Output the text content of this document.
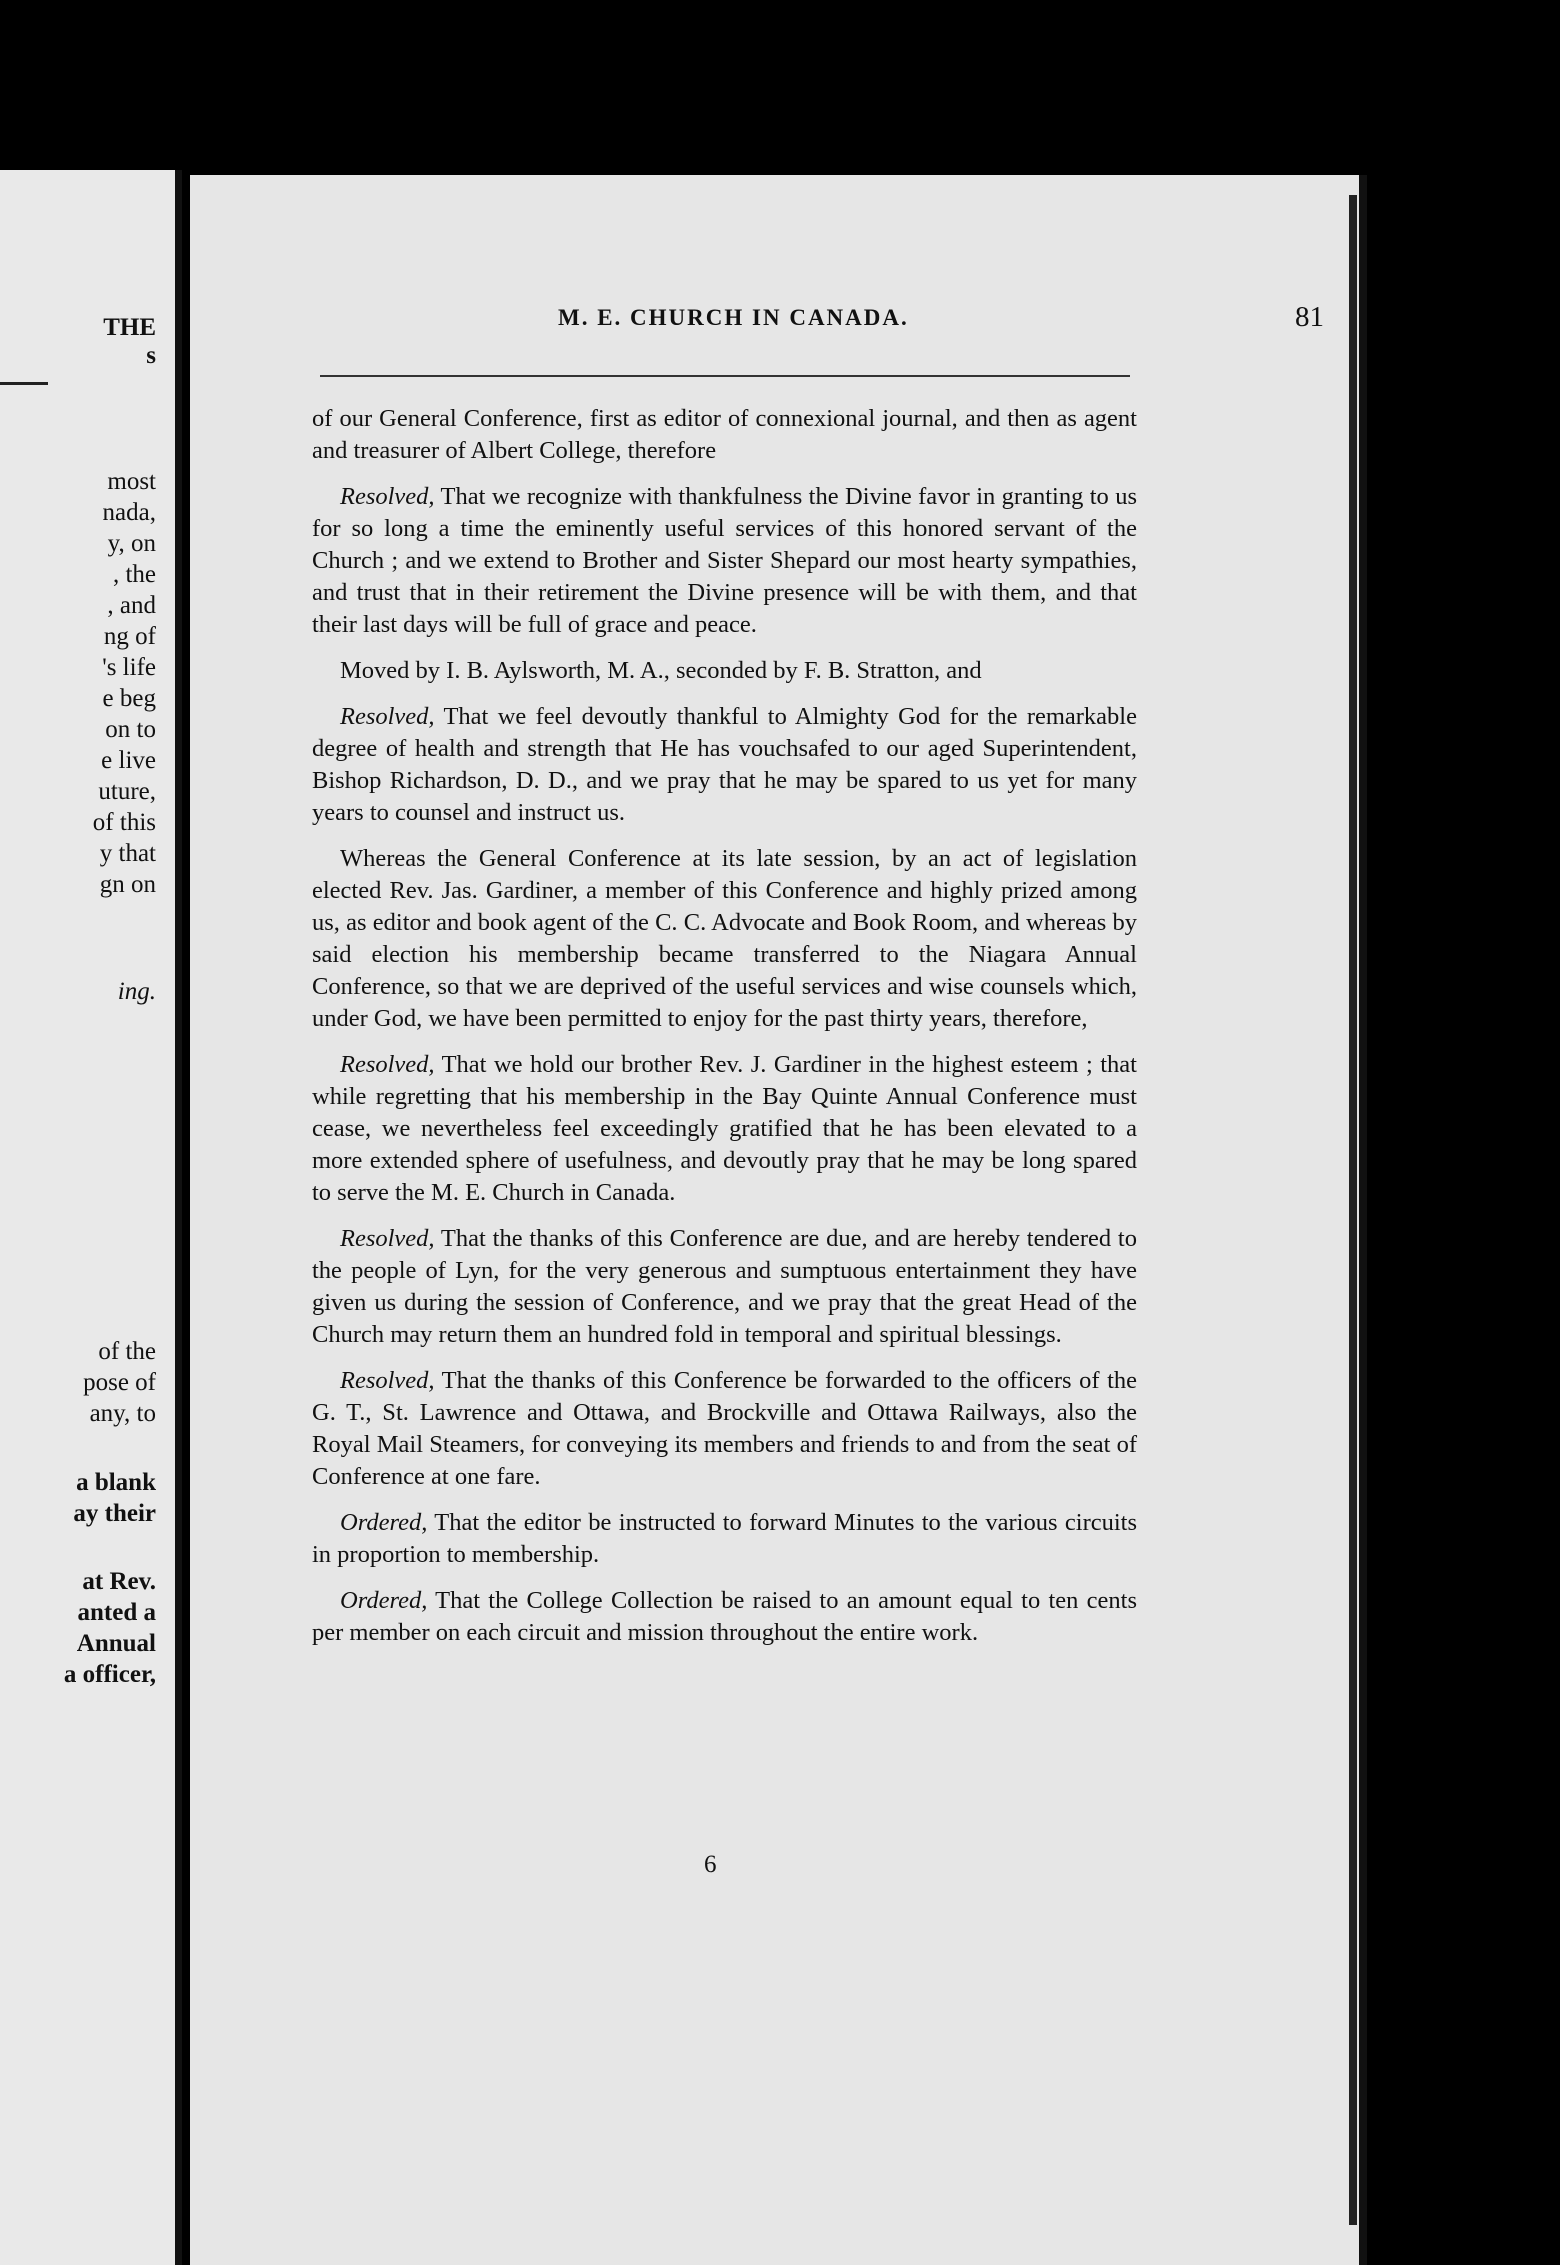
THE
s
most
nada,
y, on
, the
, and
ng of
's life
e beg
on to
e live
uture,
of this
y that
gn on
ing.
of the
pose of
any, to
a blank
ay their
at Rev.
anted a
Annual
a officer,
M. E. CHURCH IN CANADA.	81

of our General Conference, first as editor of connexional journal, and then as agent and treasurer of Albert College, therefore

Resolved, That we recognize with thankfulness the Divine favor in granting to us for so long a time the eminently useful services of this honored servant of the Church ; and we extend to Brother and Sister Shepard our most hearty sympathies, and trust that in their retirement the Divine presence will be with them, and that their last days will be full of grace and peace.

Moved by I. B. Aylsworth, M. A., seconded by F. B. Stratton, and

Resolved, That we feel devoutly thankful to Almighty God for the remarkable degree of health and strength that He has vouchsafed to our aged Superintendent, Bishop Richardson, D. D., and we pray that he may be spared to us yet for many years to counsel and instruct us.

Whereas the General Conference at its late session, by an act of legislation elected Rev. Jas. Gardiner, a member of this Conference and highly prized among us, as editor and book agent of the C. C. Advocate and Book Room, and whereas by said election his membership became transferred to the Niagara Annual Conference, so that we are deprived of the useful services and wise counsels which, under God, we have been permitted to enjoy for the past thirty years, therefore,

Resolved, That we hold our brother Rev. J. Gardiner in the highest esteem ; that while regretting that his membership in the Bay Quinte Annual Conference must cease, we nevertheless feel exceedingly gratified that he has been elevated to a more extended sphere of usefulness, and devoutly pray that he may be long spared to serve the M. E. Church in Canada.

Resolved, That the thanks of this Conference are due, and are hereby tendered to the people of Lyn, for the very generous and sumptuous entertainment they have given us during the session of Conference, and we pray that the great Head of the Church may return them an hundred fold in temporal and spiritual blessings.

Resolved, That the thanks of this Conference be forwarded to the officers of the G. T., St. Lawrence and Ottawa, and Brockville and Ottawa Railways, also the Royal Mail Steamers, for conveying its members and friends to and from the seat of Conference at one fare.

Ordered, That the editor be instructed to forward Minutes to the various circuits in proportion to membership.

Ordered, That the College Collection be raised to an amount equal to ten cents per member on each circuit and mission throughout the entire work.

6
